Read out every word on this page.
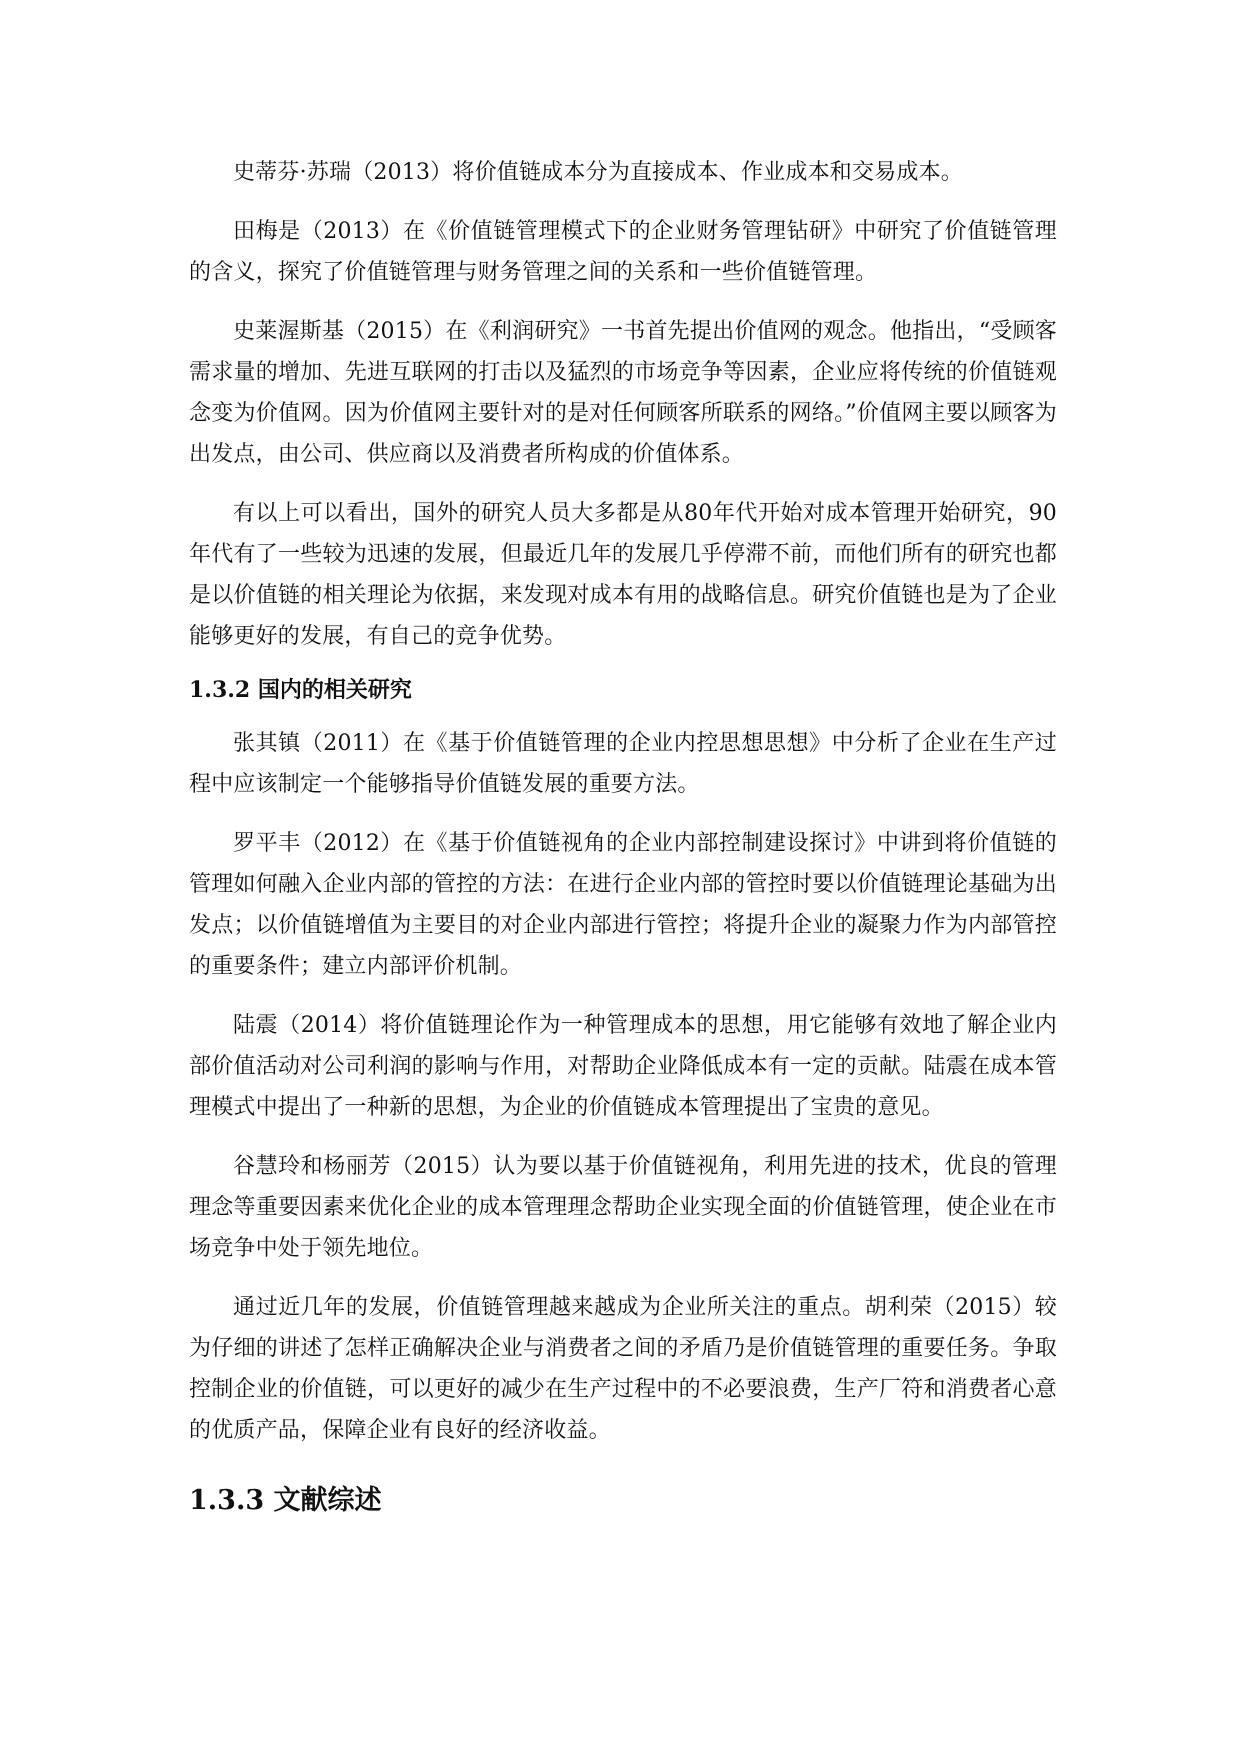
史蒂芬·苏瑞（2013）将价值链成本分为直接成本、作业成本和交易成本。

田梅是（2013）在《价值链管理模式下的企业财务管理钻研》中研究了价值链管理的含义，探究了价值链管理与财务管理之间的关系和一些价值链管理。

史莱渥斯基（2015）在《利润研究》一书首先提出价值网的观念。他指出，“受顾客需求量的增加、先进互联网的打击以及猛烈的市场竞争等因素，企业应将传统的价值链观念变为价值网。因为价值网主要针对的是对任何顾客所联系的网络。”价值网主要以顾客为出发点，由公司、供应商以及消费者所构成的价值体系。

有以上可以看出，国外的研究人员大多都是从80年代开始对成本管理开始研究，90年代有了一些较为迅速的发展，但最近几年的发展几乎停滞不前，而他们所有的研究也都是以价值链的相关理论为依据，来发现对成本有用的战略信息。研究价值链也是为了企业能够更好的发展，有自己的竞争优势。

1.3.2 国内的相关研究

张其镇（2011）在《基于价值链管理的企业内控思想思想》中分析了企业在生产过程中应该制定一个能够指导价值链发展的重要方法。

罗平丰（2012）在《基于价值链视角的企业内部控制建设探讨》中讲到将价值链的管理如何融入企业内部的管控的方法：在进行企业内部的管控时要以价值链理论基础为出发点；以价值链增值为主要目的对企业内部进行管控；将提升企业的凝聚力作为内部管控的重要条件；建立内部评价机制。

陆震（2014）将价值链理论作为一种管理成本的思想，用它能够有效地了解企业内部价值活动对公司利润的影响与作用，对帮助企业降低成本有一定的贡献。陆震在成本管理模式中提出了一种新的思想，为企业的价值链成本管理提出了宝贵的意见。

谷慧玲和杨丽芳（2015）认为要以基于价值链视角，利用先进的技术，优良的管理理念等重要因素来优化企业的成本管理理念帮助企业实现全面的价值链管理，使企业在市场竞争中处于领先地位。

通过近几年的发展，价值链管理越来越成为企业所关注的重点。胡利荣（2015）较为仔细的讲述了怎样正确解决企业与消费者之间的矛盾乃是价值链管理的重要任务。争取控制企业的价值链，可以更好的减少在生产过程中的不必要浪费，生产厂符和消费者心意的优质产品，保障企业有良好的经济收益。

1.3.3 文献综述
